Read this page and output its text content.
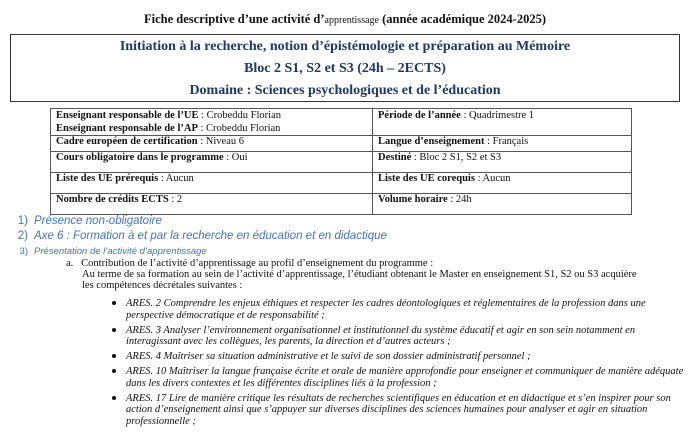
Fiche descriptive d’une activité d’apprentissage (année académique 2024-2025)
Initiation à la recherche, notion d’épistémologie et préparation au Mémoire
Bloc 2 S1, S2 et S3 (24h – 2ECTS)
Domaine : Sciences psychologiques et de l’éducation
Enseignant responsable de l’UE : Crobeddu Florian
Enseignant responsable de l’AP : Crobeddu Florian	Période de l’année : Quadrimestre 1

Cadre européen de certification : Niveau 6	Langue d’enseignement : Français
Cours obligatoire dans le programme : Oui	Destiné : Bloc 2 S1, S2 et S3
Liste des UE prérequis : Aucun	Liste des UE corequis : Aucun
Nombre de crédits ECTS : 2	Volume horaire : 24h
1) Présence non-obligatoire
2) Axe 6 : Formation à et par la recherche en éducation et en didactique
3) Présentation de l’activité d’apprentissage
a. Contribution de l’activité d’apprentissage au profil d’enseignement du programme :
Au terme de sa formation au sein de l’activité d’apprentissage, l’étudiant obtenant le Master en enseignement S1, S2 ou S3 acquière
les compétences décrétales suivantes :
ARES. 2 Comprendre les enjeux éthiques et respecter les cadres déontologiques et réglementaires de la profession dans une perspective démocratique et de responsabilité ;
ARES. 3 Analyser l’environnement organisationnel et institutionnel du système éducatif et agir en son sein notamment en interagissant avec les collègues, les parents, la direction et d’autres acteurs ;
ARES. 4 Maîtriser sa situation administrative et le suivi de son dossier administratif personnel ;
ARES. 10 Maîtriser la langue française écrite et orale de manière approfondie pour enseigner et communiquer de manière adéquate dans les divers contextes et les différentes disciplines liés à la profession ;
ARES. 17 Lire de manière critique les résultats de recherches scientifiques en éducation et en didactique et s’en inspirer pour son action d’enseignement ainsi que s’appuyer sur diverses disciplines des sciences humaines pour analyser et agir en situation professionnelle ;
